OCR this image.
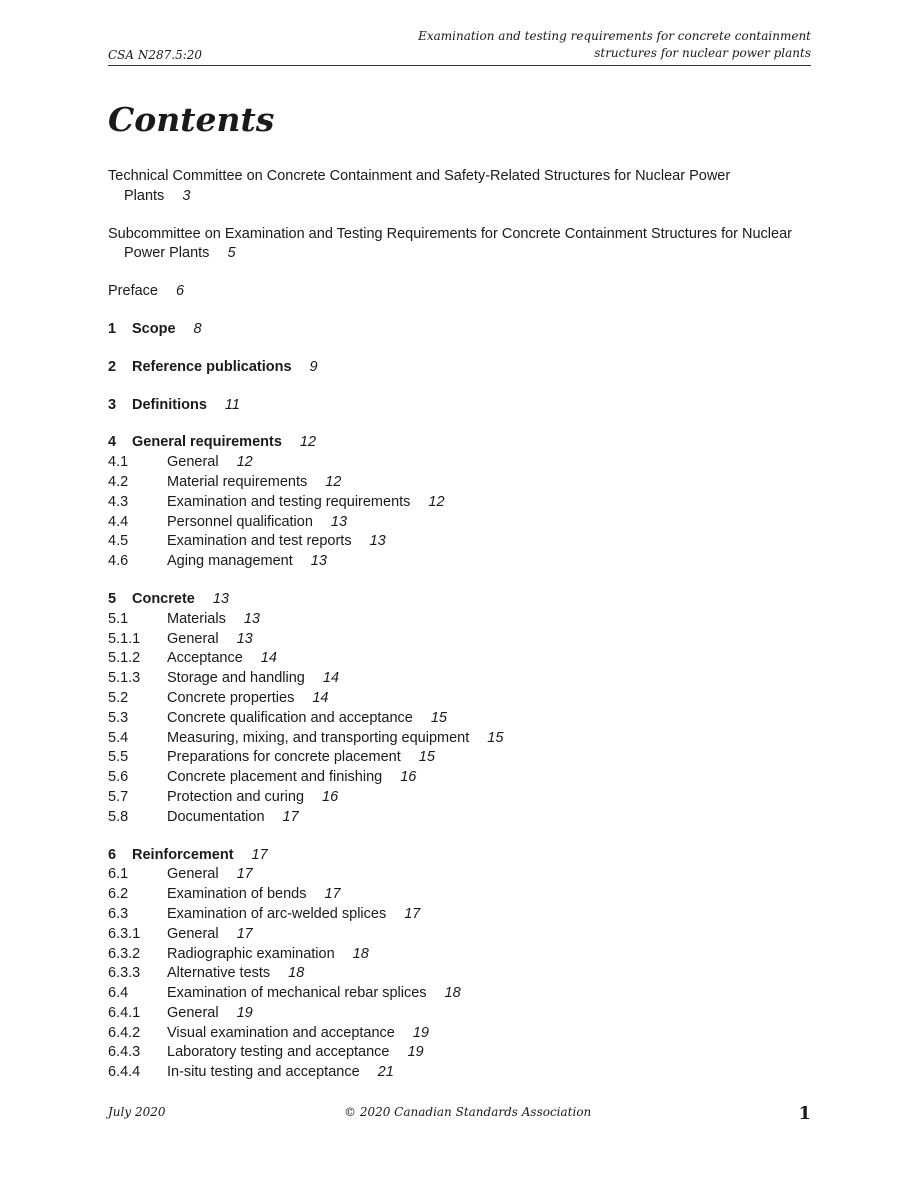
CSA N287.5:20
Examination and testing requirements for concrete containment
structures for nuclear power plants
Contents

Technical Committee on Concrete Containment and Safety-Related Structures for Nuclear Power Plants 3

Subcommittee on Examination and Testing Requirements for Concrete Containment Structures for Nuclear Power Plants 5

Preface 6

1 Scope 8

2 Reference publications 9

3 Definitions 11

4 General requirements 12

4.1	General 12

4.2	Material requirements 12

4.3	Examination and testing requirements 12

4.4	Personnel qualification 13

4.5	Examination and test reports 13

4.6	Aging management 13

5 Concrete 13

5.1	Materials 13

5.1.1 General 13

5.1.2 Acceptance 14

5.1.3 Storage and handling 14

5.2	Concrete properties 14

5.3	Concrete qualification and acceptance 15

5.4	Measuring, mixing, and transporting equipment 15

5.5	Preparations for concrete placement 15

5.6	Concrete placement and finishing 16

5.7	Protection and curing 16

5.8	Documentation 17

6 Reinforcement 17

6.1	General 17

6.2	Examination of bends 17

6.3	Examination of arc-welded splices 17

6.3.1 General 17

6.3.2 Radiographic examination 18

6.3.3 Alternative tests 18

6.4	Examination of mechanical rebar splices 18

6.4.1 General 19

6.4.2 Visual examination and acceptance 19

6.4.3 Laboratory testing and acceptance 19

6.4.4 In-situ testing and acceptance 21

July 2020	© 2020 Canadian Standards Association	1
